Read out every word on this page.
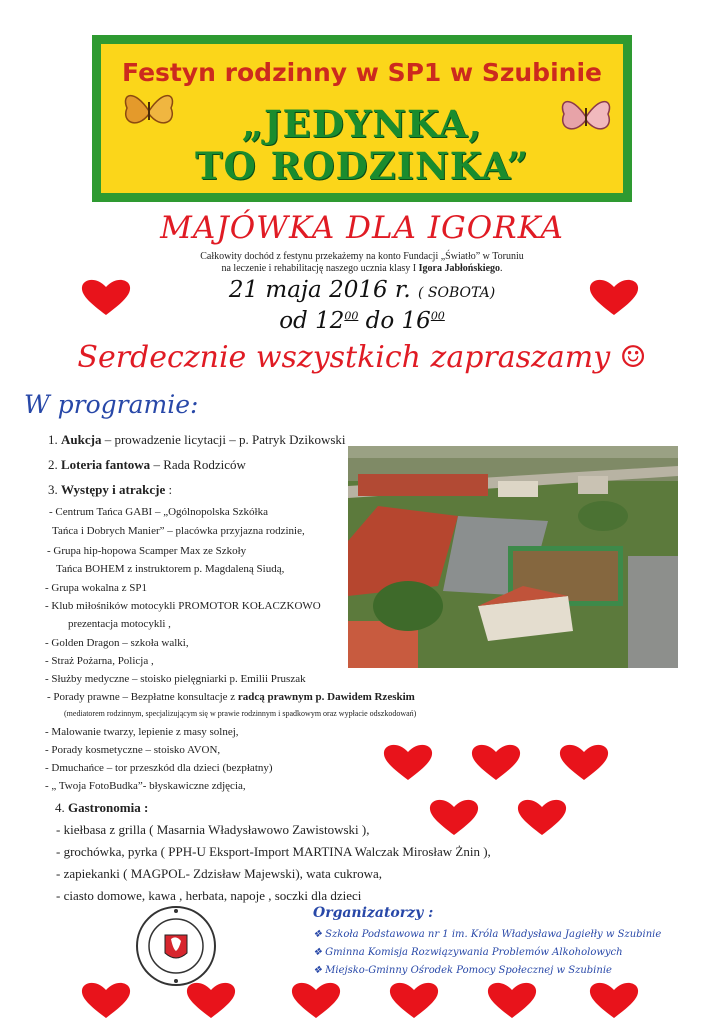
Festyn rodzinny w SP1 w Szubinie
„JEDYNKA,
TO RODZINKA”
MAJÓWKA DLA IGORKA
Całkowity dochód z festynu przekażemy na konto Fundacji „Światło” w Toruniu
na leczenie i rehabilitację naszego ucznia klasy I Igora Jabłońskiego.
21 maja 2016 r. ( SOBOTA)
od $12^{00}$ do $16^{00}$
Serdecznie wszystkich zapraszamy ☺
W programie:
1. Aukcja – prowadzenie licytacji – p. Patryk Dzikowski
2. Loteria fantowa – Rada Rodziców
3. Występy i atrakcje :
- Centrum Tańca GABI – „Ogólnopolska Szkółka
Tańca i Dobrych Manier” – placówka przyjazna rodzinie,
- Grupa hip-hopowa Scamper Max ze Szkoły
Tańca BOHEM z instruktorem p. Magdaleną Siudą,
- Grupa wokalna z SP1
- Klub miłośników motocykli PROMOTOR KOŁACZKOWO
prezentacja motocykli ,
- Golden Dragon – szkoła walki,
- Straż Pożarna, Policja ,
- Służby medyczne – stoisko pielęgniarki p. Emilii Pruszak
- Porady prawne – Bezpłatne konsultacje z radcą prawnym p. Dawidem Rzeskim
(mediatorem rodzinnym, specjalizującym się w prawie rodzinnym i spadkowym oraz wypłacie odszkodowań)
- Malowanie twarzy, lepienie z masy solnej,
- Porady kosmetyczne – stoisko AVON,
- Dmuchańce – tor przeszkód dla dzieci (bezpłatny)
- „ Twoja FotoBudka”- błyskawiczne zdjęcia,
4. Gastronomia :
- kiełbasa z grilla ( Masarnia Władysławowo Zawistowski ),
- grochówka, pyrka ( PPH-U Eksport-Import MARTINA Walczak Mirosław Żnin ),
- zapiekanki ( MAGPOL- Zdzisław Majewski), wata cukrowa,
- ciasto domowe, kawa , herbata, napoje , soczki dla dzieci
Organizatorzy :
❖ Szkoła Podstawowa nr 1 im. Króla Władysława Jagiełły w Szubinie
❖ Gminna Komisja Rozwiązywania Problemów Alkoholowych
❖ Miejsko-Gminny Ośrodek Pomocy Społecznej w Szubinie
